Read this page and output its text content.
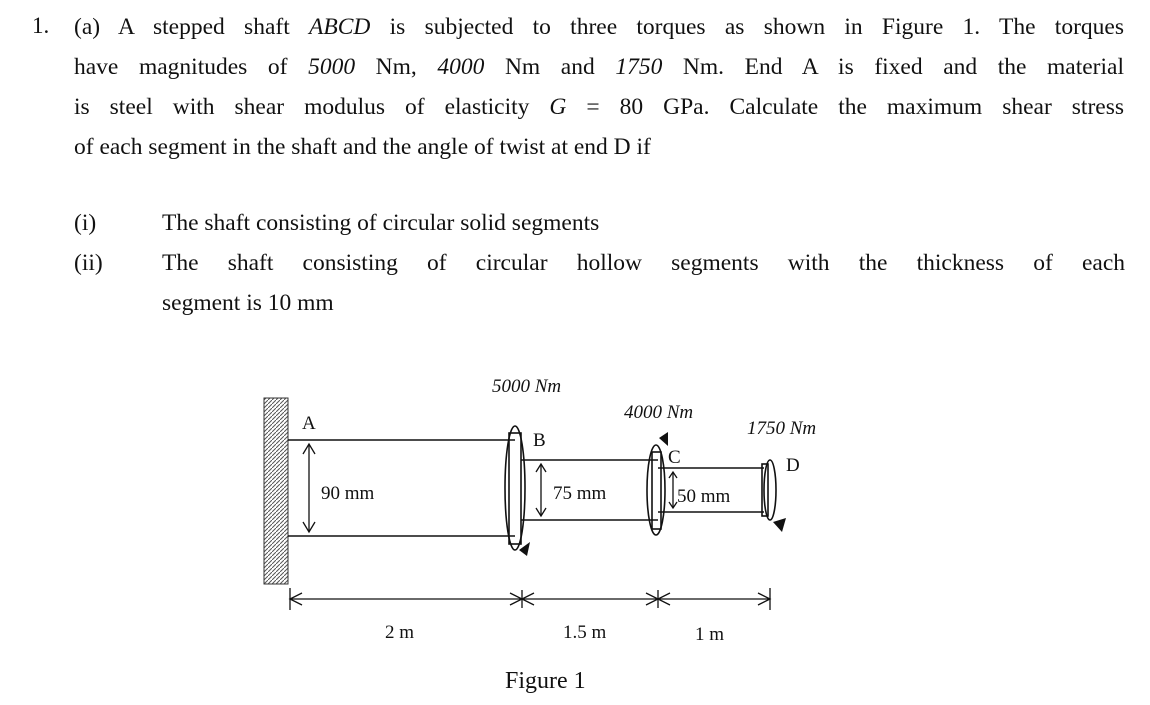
1. (a) A stepped shaft ABCD is subjected to three torques as shown in Figure 1. The torques
have magnitudes of 5000 Nm, 4000 Nm and 1750 Nm. End A is fixed and the material
is steel with shear modulus of elasticity G = 80 GPa. Calculate the maximum shear stress
of each segment in the shaft and the angle of twist at end D if
(i)	The shaft consisting of circular solid segments
(ii)	The shaft consisting of circular hollow segments with the thickness of each
segment is 10 mm
A
B
C	D
5000 Nm
4000 Nm
1750 Nm
90 mm	75 mm	50 mm
2 m	1.5 m	1 m
Figure 1
